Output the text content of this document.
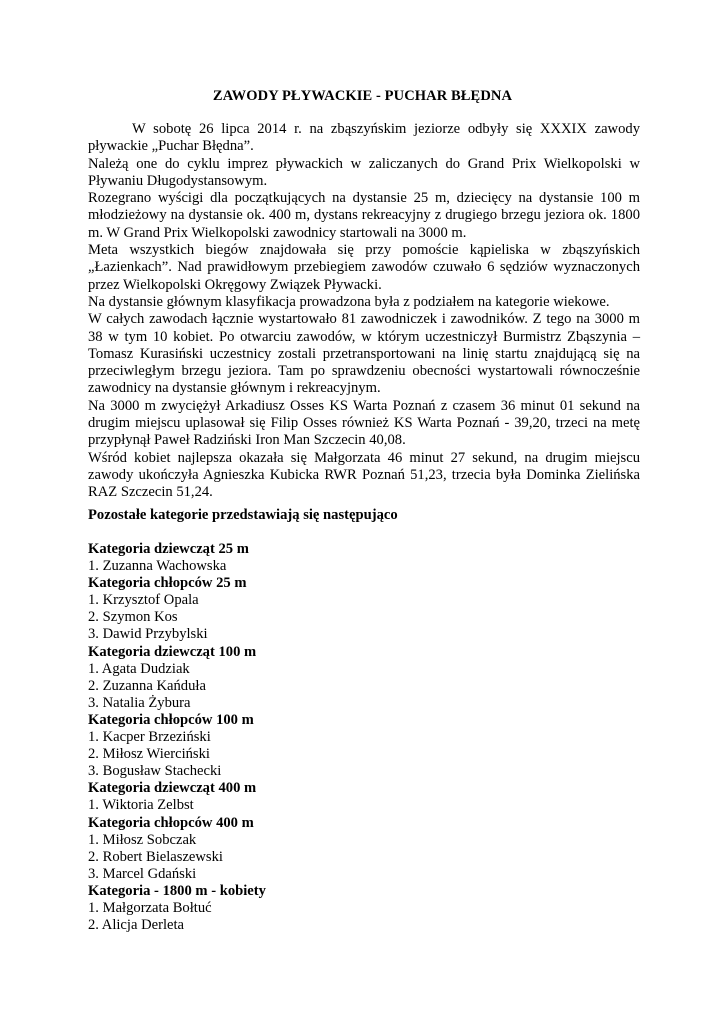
ZAWODY PŁYWACKIE - PUCHAR BŁĘDNA

W sobotę 26 lipca 2014 r. na zbąszyńskim jeziorze odbyły się XXXIX zawody pływackie „Puchar Błędna”.

Należą one do cyklu imprez pływackich w zaliczanych do Grand Prix Wielkopolski w Pływaniu Długodystansowym.

Rozegrano wyścigi dla początkujących na dystansie 25 m, dziecięcy na dystansie 100 m młodzieżowy na dystansie ok. 400 m, dystans rekreacyjny z drugiego brzegu jeziora ok. 1800 m. W Grand Prix Wielkopolski zawodnicy startowali na 3000 m.

Meta wszystkich biegów znajdowała się przy pomoście kąpieliska w zbąszyńskich „Łazienkach”. Nad prawidłowym przebiegiem zawodów czuwało 6 sędziów wyznaczonych przez Wielkopolski Okręgowy Związek Pływacki.

Na dystansie głównym klasyfikacja prowadzona była z podziałem na kategorie wiekowe.

W całych zawodach łącznie wystartowało 81 zawodniczek i zawodników. Z tego na 3000 m 38 w tym 10 kobiet. Po otwarciu zawodów, w którym uczestniczył Burmistrz Zbąszynia – Tomasz Kurasiński uczestnicy zostali przetransportowani na linię startu znajdującą się na przeciwległym brzegu jeziora. Tam po sprawdzeniu obecności wystartowali równocześnie zawodnicy na dystansie głównym i rekreacyjnym.

Na 3000 m zwyciężył Arkadiusz Osses KS Warta Poznań z czasem 36 minut 01 sekund na drugim miejscu uplasował się Filip Osses również KS Warta Poznań - 39,20, trzeci na metę przypłynął Paweł Radziński Iron Man Szczecin 40,08.

Wśród kobiet najlepsza okazała się Małgorzata 46 minut 27 sekund, na drugim miejscu zawody ukończyła Agnieszka Kubicka RWR Poznań 51,23, trzecia była Dominka Zielińska RAZ Szczecin 51,24.

Pozostałe kategorie przedstawiają się następująco
Kategoria dziewcząt 25 m
1. Zuzanna Wachowska
Kategoria chłopców 25 m
1. Krzysztof Opala
2. Szymon Kos
3. Dawid Przybylski
Kategoria dziewcząt 100 m
1. Agata Dudziak
2. Zuzanna Kańduła
3. Natalia Żybura
Kategoria chłopców 100 m
1. Kacper Brzeziński
2. Miłosz Wierciński
3. Bogusław Stachecki
Kategoria dziewcząt 400 m
1. Wiktoria Zelbst
Kategoria chłopców 400 m
1. Miłosz Sobczak
2. Robert Bielaszewski
3. Marcel Gdański
Kategoria - 1800 m - kobiety
1. Małgorzata Bołtuć
2. Alicja Derleta
